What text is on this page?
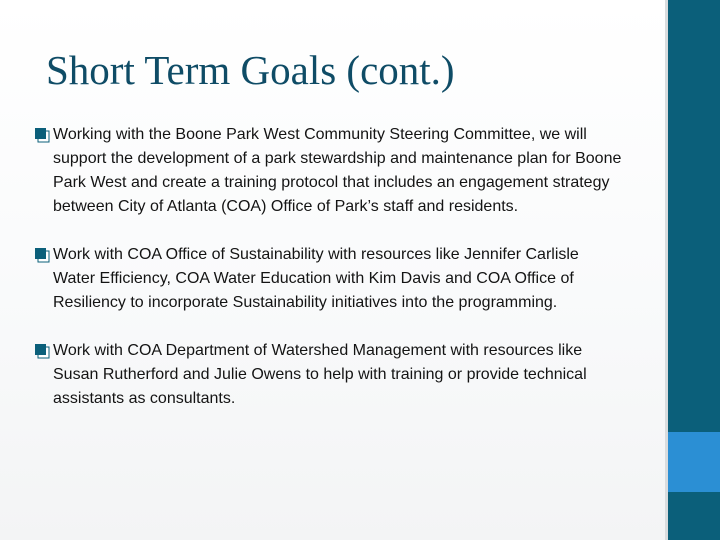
Short Term Goals (cont.)
Working with the Boone Park West Community Steering Committee, we will support the development of a park stewardship and maintenance plan for Boone Park West and create a training protocol that includes an engagement strategy between City of Atlanta (COA) Office of Park’s staff and residents.
Work with COA Office of Sustainability with resources like Jennifer Carlisle Water Efficiency, COA Water Education with Kim Davis and COA Office of Resiliency to incorporate Sustainability initiatives into the programming.
Work with COA Department of Watershed Management with resources like Susan Rutherford and Julie Owens to help with training or provide technical assistants as consultants.
